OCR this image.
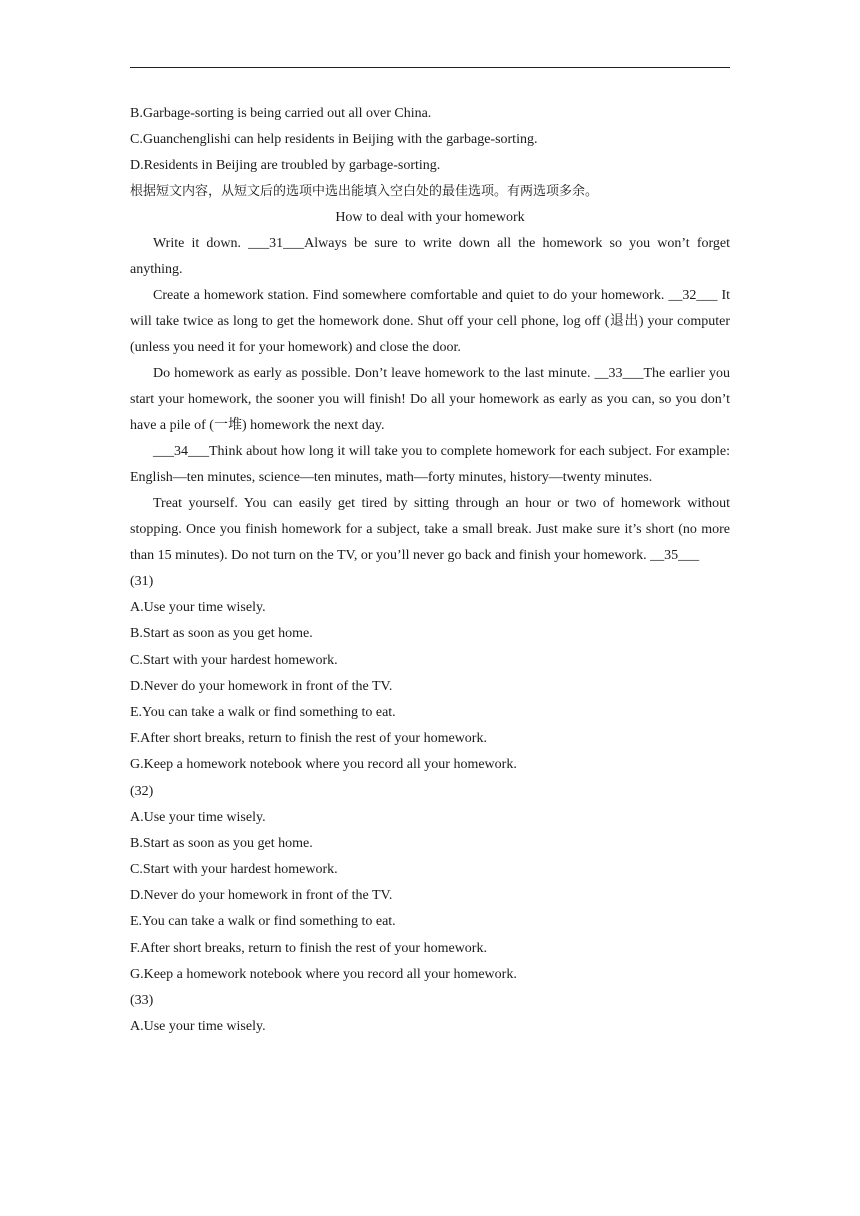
B.Garbage-sorting is being carried out all over China.
C.Guanchenglishi can help residents in Beijing with the garbage-sorting.
D.Residents in Beijing are troubled by garbage-sorting.
根据短文内容，从短文后的选项中选出能填入空白处的最佳选项。有两选项多余。
How to deal with your homework

Write it down. ___31___Always be sure to write down all the homework so you won’t forget anything.

Create a homework station. Find somewhere comfortable and quiet to do your homework. __32___ It will take twice as long to get the homework done. Shut off your cell phone, log off (退出) your computer (unless you need it for your homework) and close the door.

Do homework as early as possible. Don’t leave homework to the last minute. __33___The earlier you start your homework, the sooner you will finish! Do all your homework as early as you can, so you don’t have a pile of (一堆) homework the next day.

___34___Think about how long it will take you to complete homework for each subject. For example: English—ten minutes, science—ten minutes, math—forty minutes, history—twenty minutes.

Treat yourself. You can easily get tired by sitting through an hour or two of homework without stopping. Once you finish homework for a subject, take a small break. Just make sure it’s short (no more than 15 minutes). Do not turn on the TV, or you’ll never go back and finish your homework. __35___

(31)
A.Use your time wisely.
B.Start as soon as you get home.
C.Start with your hardest homework.
D.Never do your homework in front of the TV.
E.You can take a walk or find something to eat.
F.After short breaks, return to finish the rest of your homework.
G.Keep a homework notebook where you record all your homework.
(32)
A.Use your time wisely.
B.Start as soon as you get home.
C.Start with your hardest homework.
D.Never do your homework in front of the TV.
E.You can take a walk or find something to eat.
F.After short breaks, return to finish the rest of your homework.
G.Keep a homework notebook where you record all your homework.
(33)
A.Use your time wisely.
